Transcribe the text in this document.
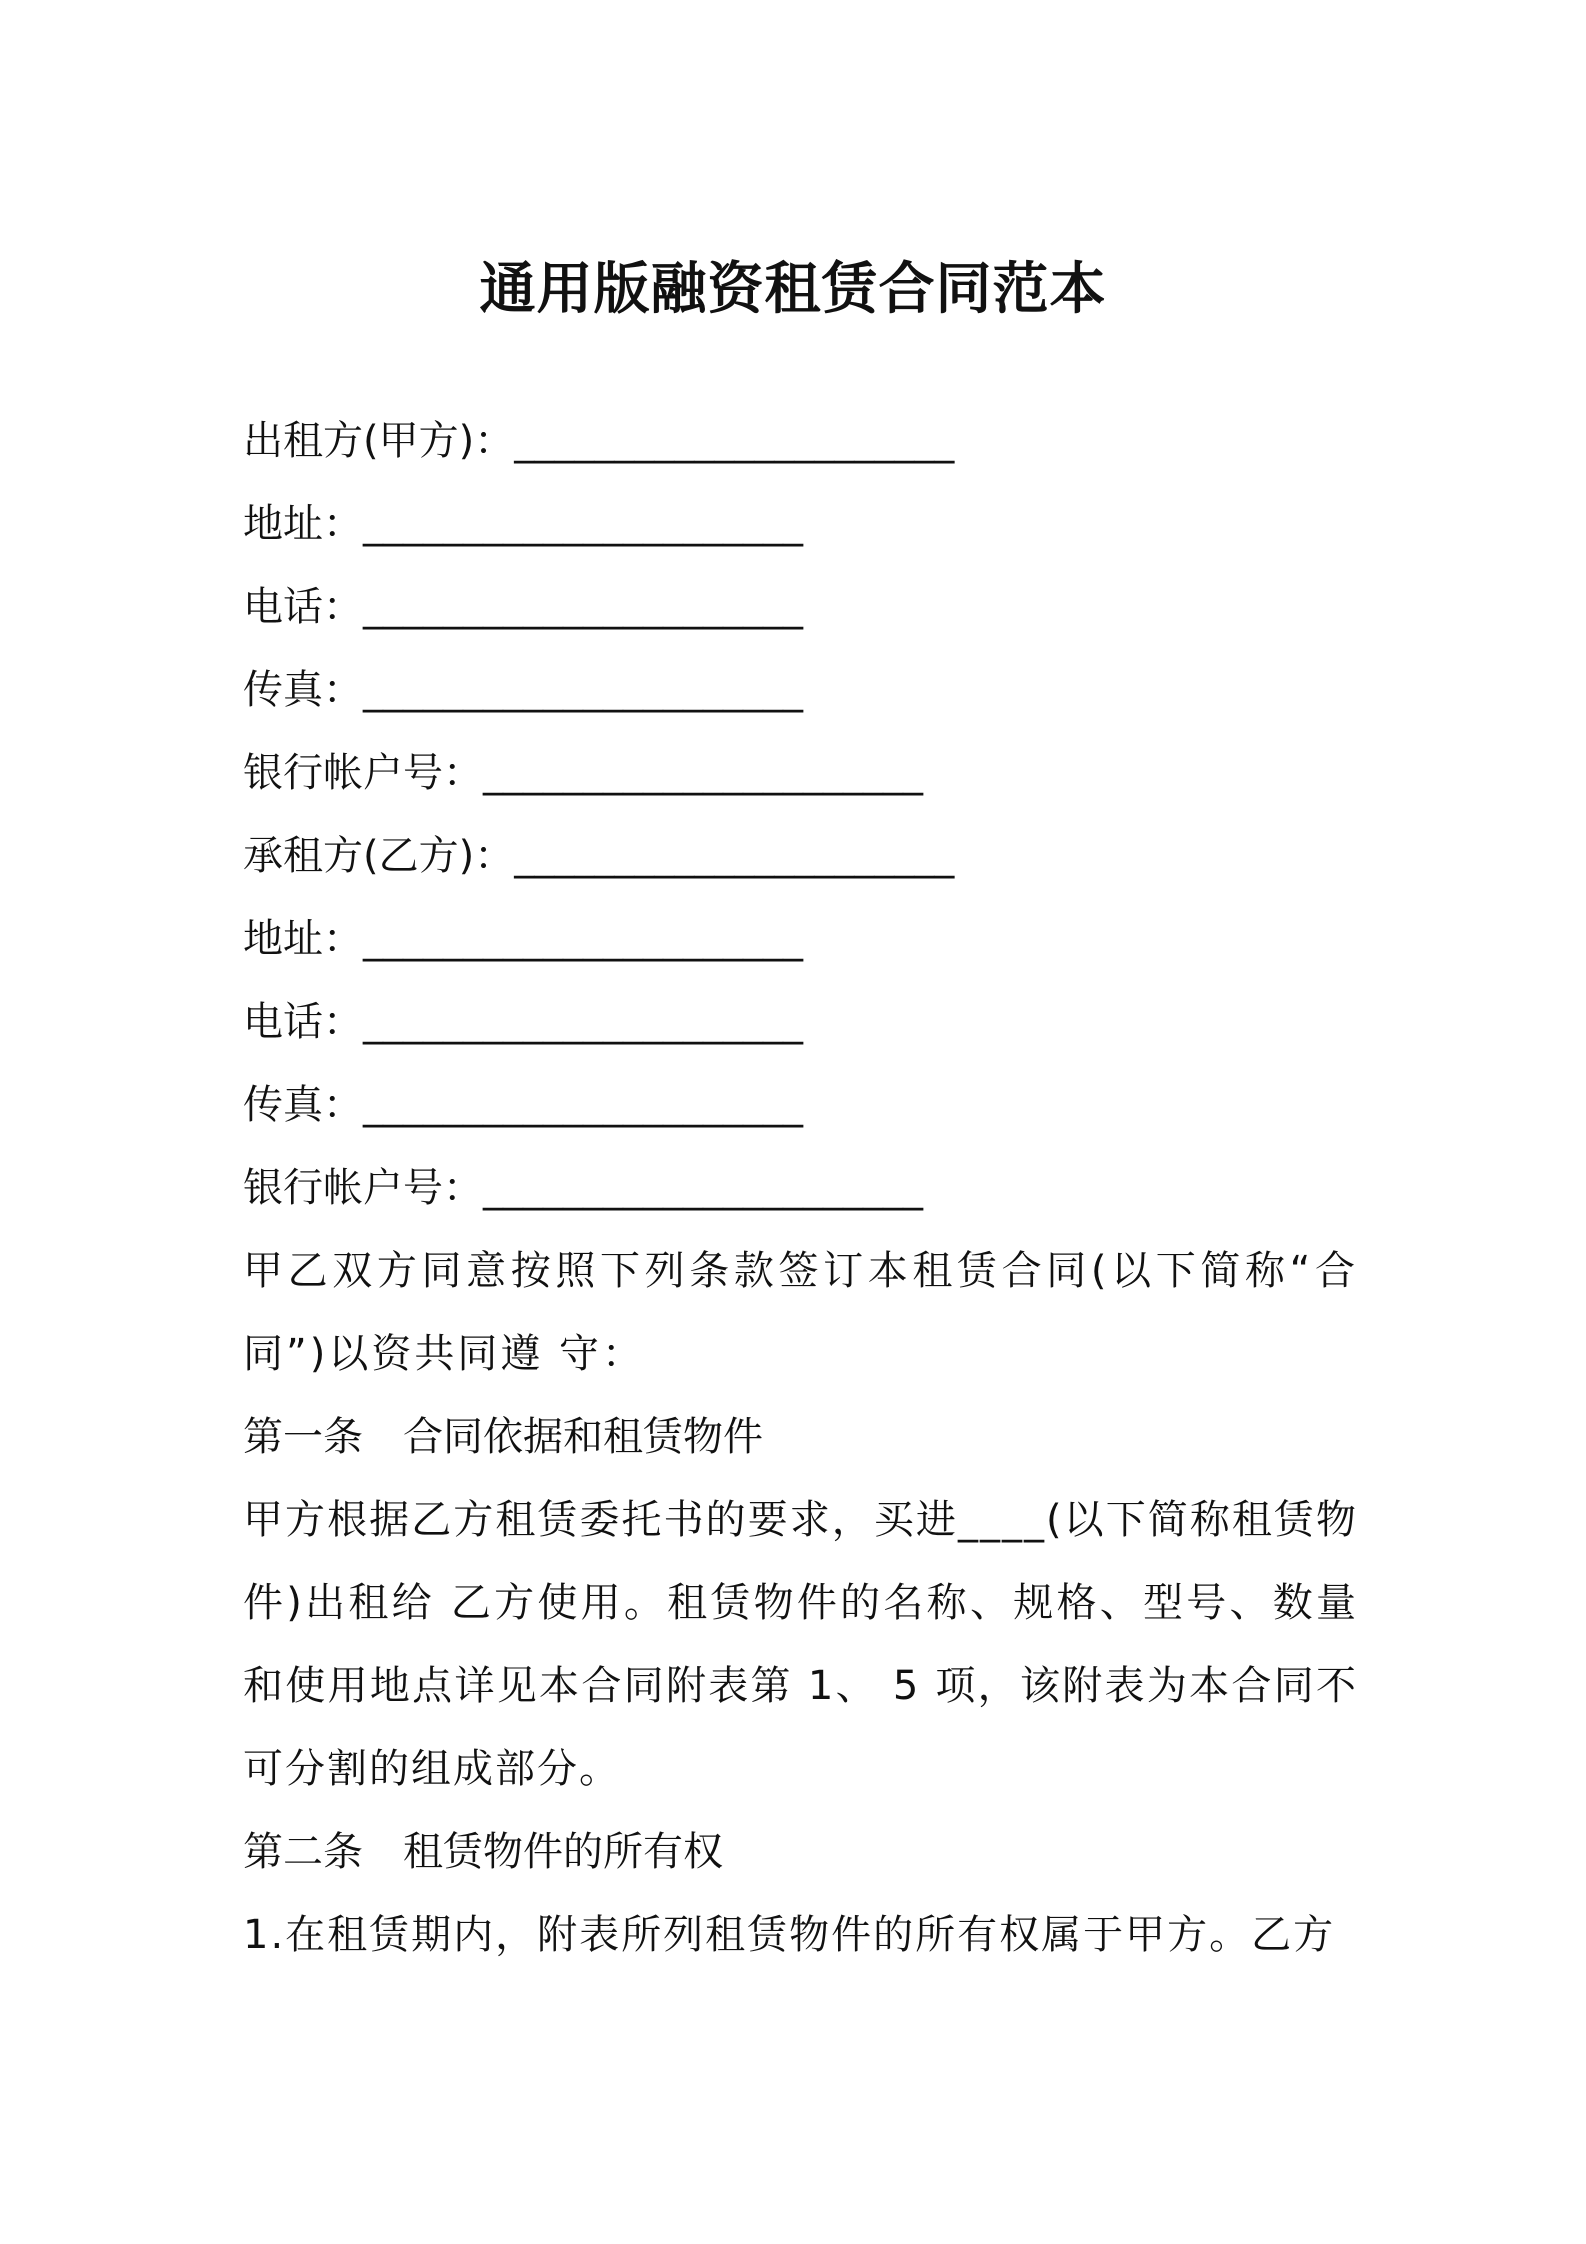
通用版融资租赁合同范本
出租方(甲方)：______________________
地址：______________________
电话：______________________
传真：______________________
银行帐户号：______________________
承租方(乙方)：______________________
地址：______________________
电话：______________________
传真：______________________
银行帐户号：______________________
甲乙双方同意按照下列条款签订本租赁合同(以下简称“合同”)以资共同遵 守：
第一条 合同依据和租赁物件
甲方根据乙方租赁委托书的要求，买进____(以下简称租赁物件)出租给 乙方使用。租赁物件的名称、规格、型号、数量和使用地点详见本合同附表第 1、 5 项，该附表为本合同不可分割的组成部分。
第二条 租赁物件的所有权
1.在租赁期内，附表所列租赁物件的所有权属于甲方。乙方
